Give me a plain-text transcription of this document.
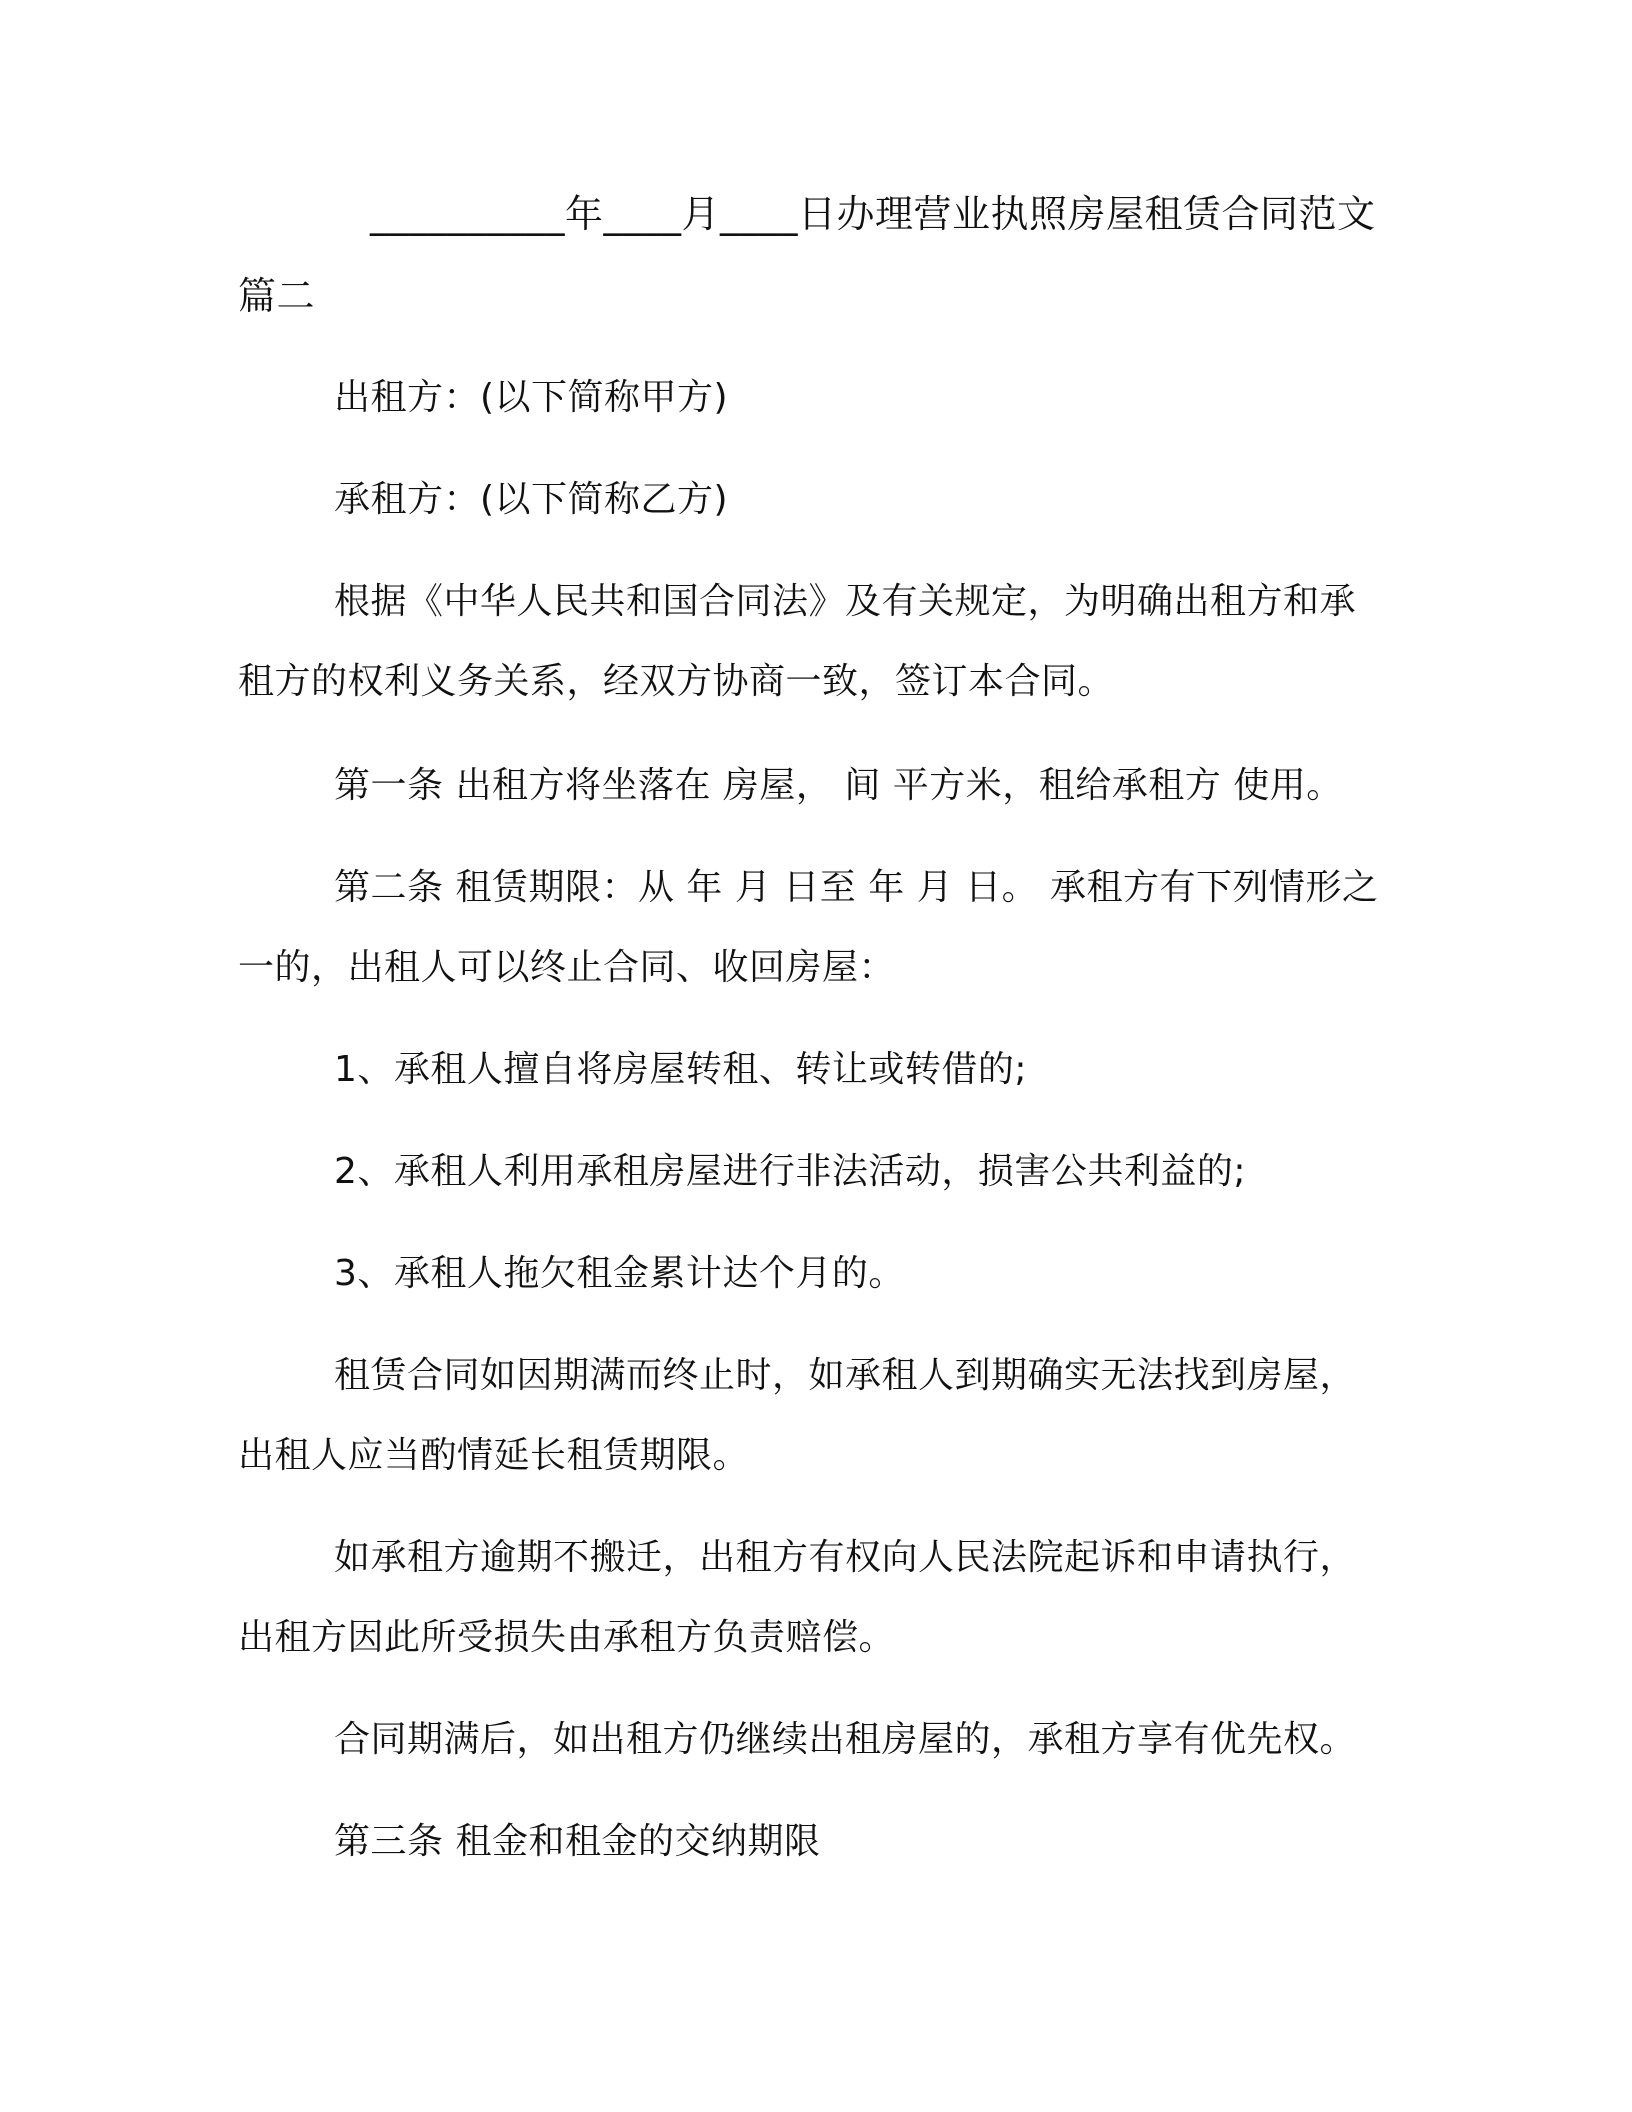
__________年____月____日办理营业执照房屋租赁合同范文
篇二
出租方：(以下简称甲方)
承租方：(以下简称乙方)
根据《中华人民共和国合同法》及有关规定，为明确出租方和承
租方的权利义务关系，经双方协商一致，签订本合同。
第一条 出租方将坐落在 房屋， 间 平方米，租给承租方 使用。
第二条 租赁期限：从 年 月 日至 年 月 日。 承租方有下列情形之
一的，出租人可以终止合同、收回房屋：
1、承租人擅自将房屋转租、转让或转借的;
2、承租人利用承租房屋进行非法活动，损害公共利益的;
3、承租人拖欠租金累计达个月的。
租赁合同如因期满而终止时，如承租人到期确实无法找到房屋，
出租人应当酌情延长租赁期限。
如承租方逾期不搬迁，出租方有权向人民法院起诉和申请执行，
出租方因此所受损失由承租方负责赔偿。
合同期满后，如出租方仍继续出租房屋的，承租方享有优先权。
第三条 租金和租金的交纳期限
